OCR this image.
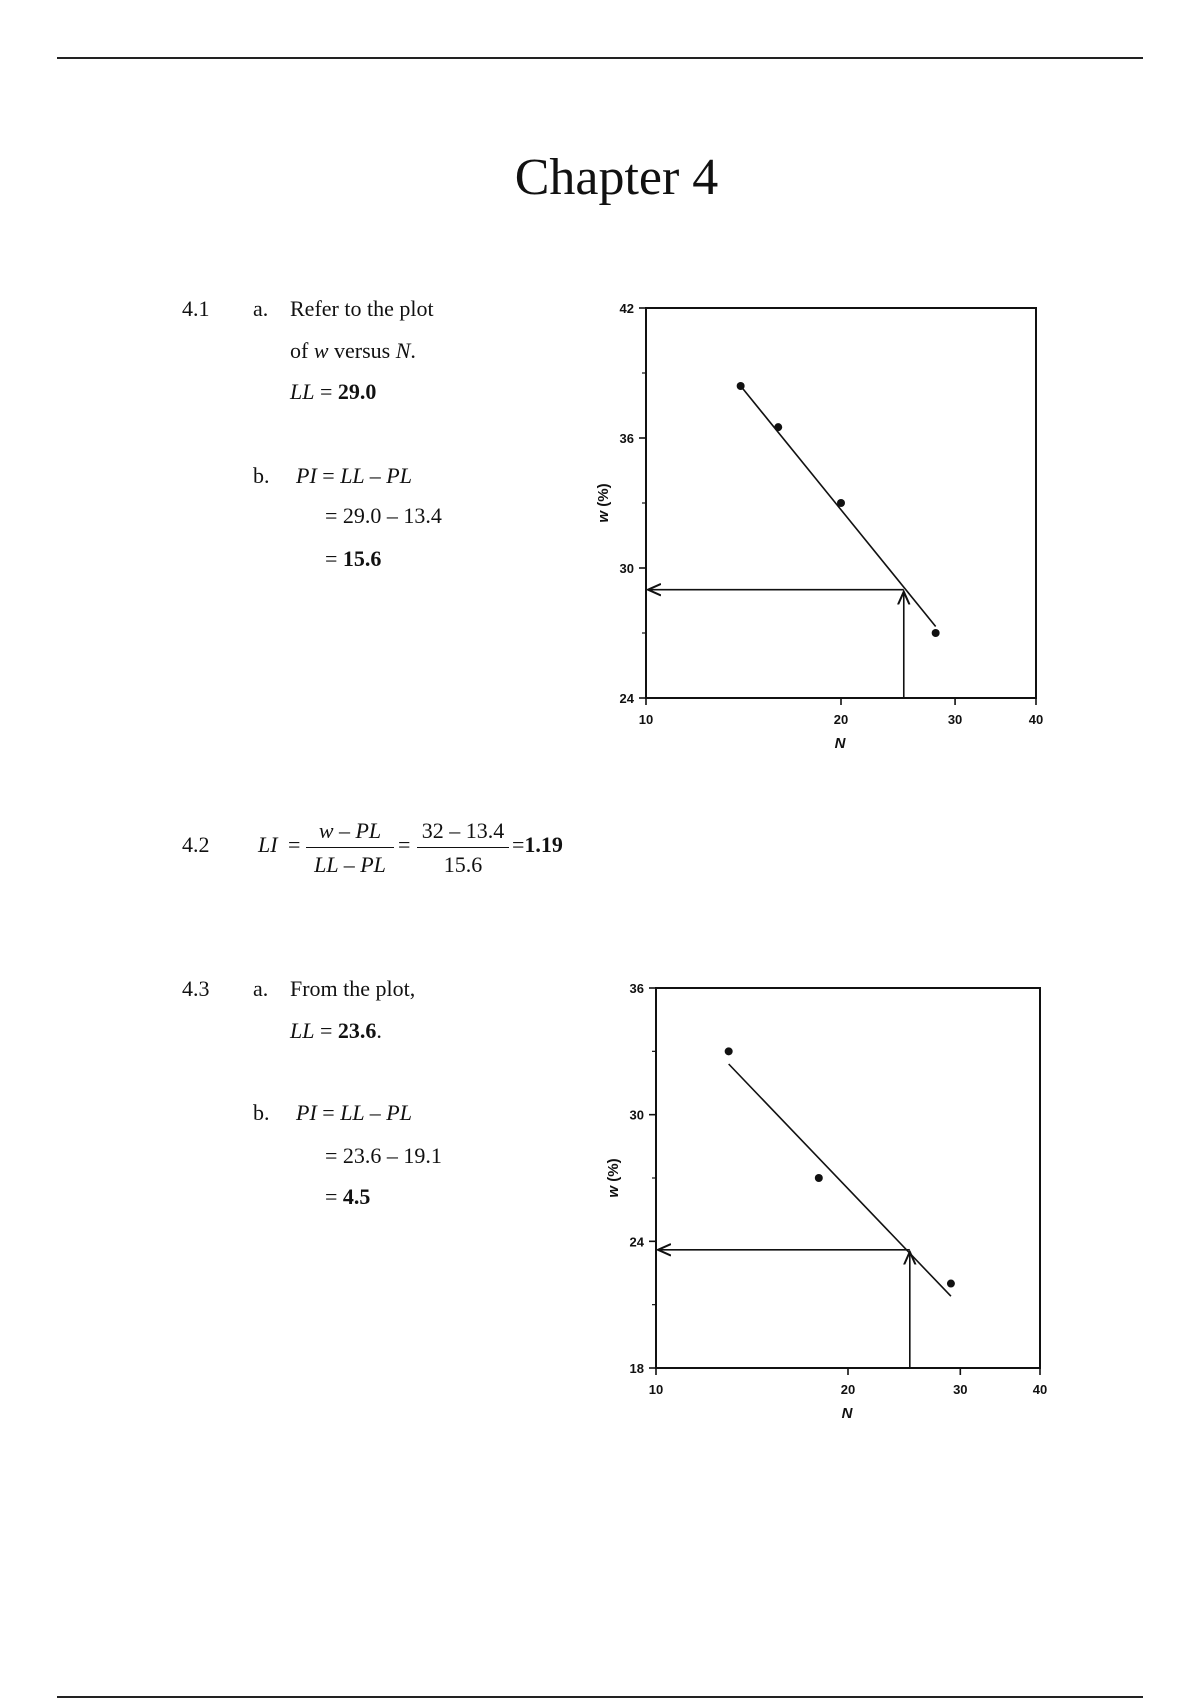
Chapter 4
4.1 a. Refer to the plot
of w versus N.
LL = 29.0
b. PI = LL – PL
= 29.0 – 13.4
= 15.6
24
30
36
42
10	20	30	40
N
w (%)
4.2 LI = $\frac{w - PL}{LL - PL} = \frac{32 - 13.4}{15.6} =1.19$
4.3 a. From the plot,
LL = 23.6.
b. PI = LL – PL
= 23.6 – 19.1
= 4.5
18
24
30
36
10	20	30	40
N
w (%)
